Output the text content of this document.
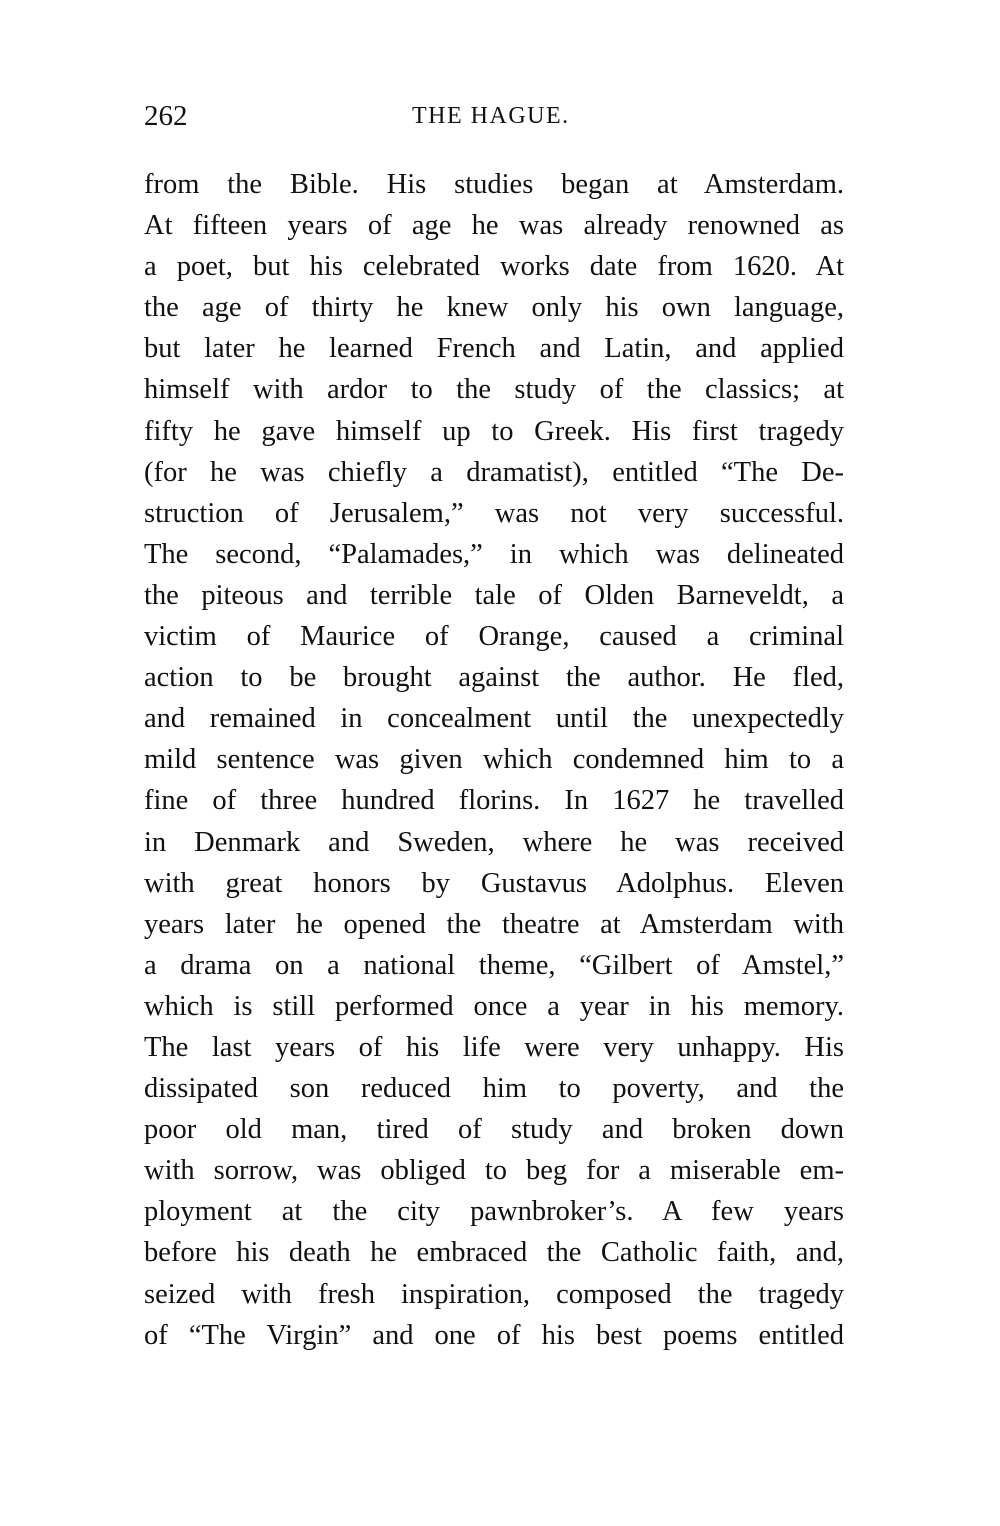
262	THE HAGUE.
from the Bible. His studies began at Amsterdam.
At fifteen years of age he was already renowned as
a poet, but his celebrated works date from 1620. At
the age of thirty he knew only his own language,
but later he learned French and Latin, and applied
himself with ardor to the study of the classics; at
fifty he gave himself up to Greek. His first tragedy
(for he was chiefly a dramatist), entitled “The De-
struction of Jerusalem,” was not very successful.
The second, “Palamades,” in which was delineated
the piteous and terrible tale of Olden Barneveldt, a
victim of Maurice of Orange, caused a criminal
action to be brought against the author. He fled,
and remained in concealment until the unexpectedly
mild sentence was given which condemned him to a
fine of three hundred florins. In 1627 he travelled
in Denmark and Sweden, where he was received
with great honors by Gustavus Adolphus. Eleven
years later he opened the theatre at Amsterdam with
a drama on a national theme, “Gilbert of Amstel,”
which is still performed once a year in his memory.
The last years of his life were very unhappy. His
dissipated son reduced him to poverty, and the
poor old man, tired of study and broken down
with sorrow, was obliged to beg for a miserable em-
ployment at the city pawnbroker’s. A few years
before his death he embraced the Catholic faith, and,
seized with fresh inspiration, composed the tragedy
of “The Virgin” and one of his best poems entitled
